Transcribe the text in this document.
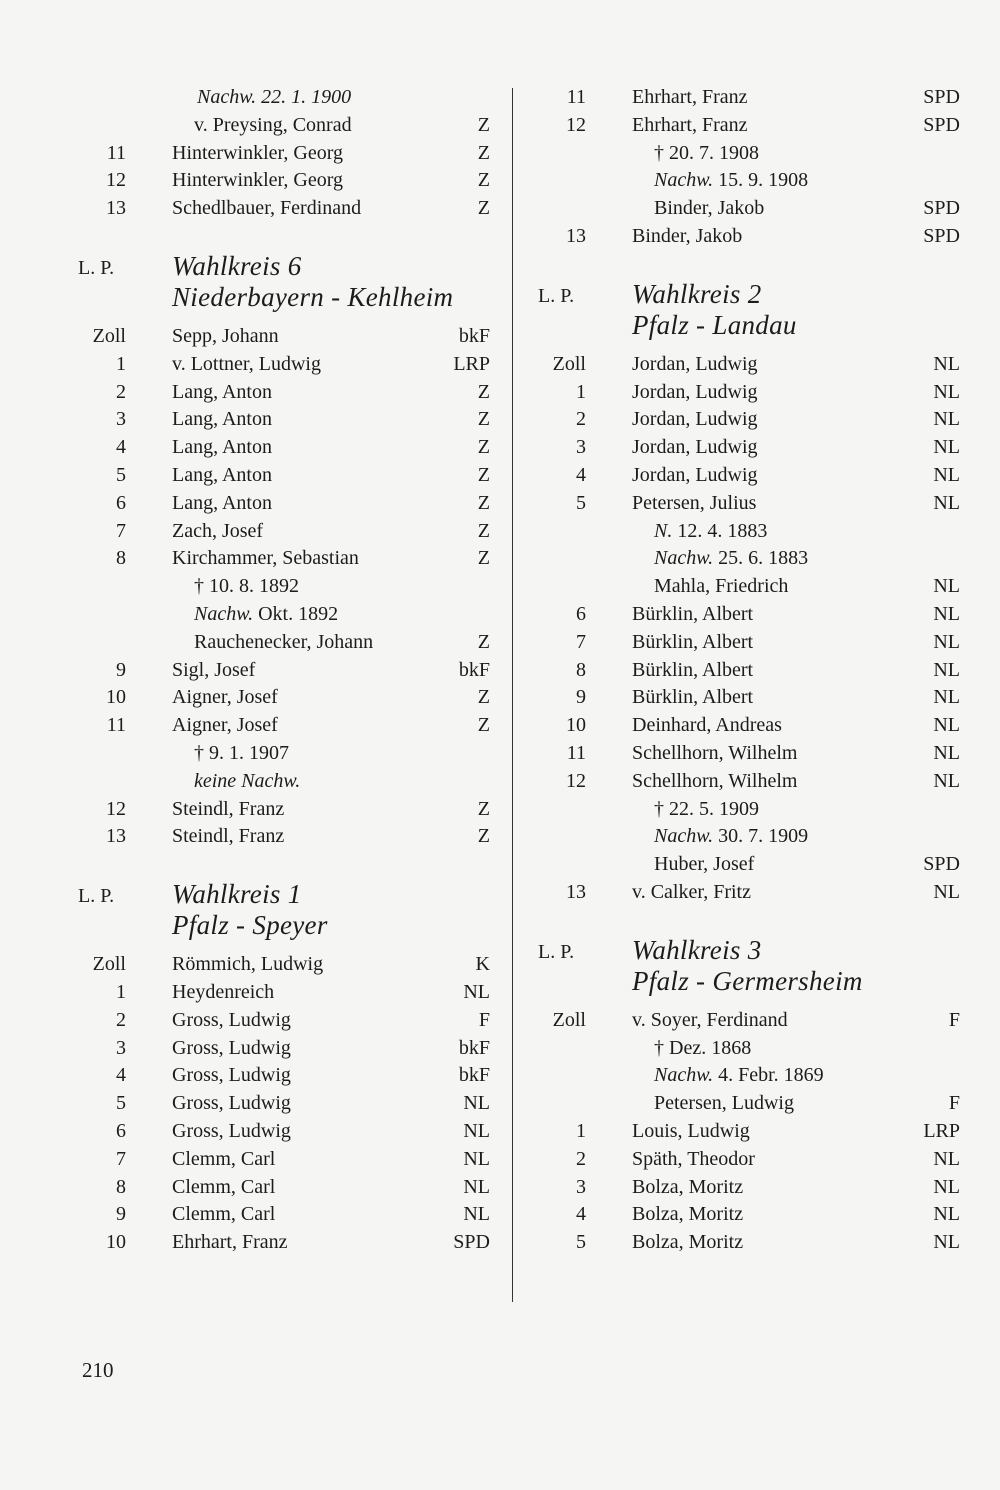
Nachw. 22. 1. 1900
v. Preysing, Conrad	Z
11 Hinterwinkler, Georg	Z
12 Hinterwinkler, Georg	Z
13 Schedlbauer, Ferdinand	Z
L. P. Wahlkreis 6
Niederbayern - Kehlheim
Zoll Sepp, Johann	bkF
1 v. Lottner, Ludwig	LRP
2 Lang, Anton	Z
3 Lang, Anton	Z
4 Lang, Anton	Z
5 Lang, Anton	Z
6 Lang, Anton	Z
7 Zach, Josef	Z
8 Kirchammer, Sebastian	Z
† 10. 8. 1892
Nachw. Okt. 1892
Rauchenecker, Johann	Z
9 Sigl, Josef	bkF
10 Aigner, Josef	Z
11 Aigner, Josef	Z
† 9. 1. 1907
keine Nachw.
12 Steindl, Franz	Z
13 Steindl, Franz	Z
L. P. Wahlkreis 1
Pfalz - Speyer
Zoll Römmich, Ludwig	K
1 Heydenreich	NL
2 Gross, Ludwig	F
3 Gross, Ludwig	bkF
4 Gross, Ludwig	bkF
5 Gross, Ludwig	NL
6 Gross, Ludwig	NL
7 Clemm, Carl	NL
8 Clemm, Carl	NL
9 Clemm, Carl	NL
10 Ehrhart, Franz	SPD
11 Ehrhart, Franz	SPD
12 Ehrhart, Franz	SPD
† 20. 7. 1908
Nachw. 15. 9. 1908
Binder, Jakob	SPD
13 Binder, Jakob	SPD
L. P. Wahlkreis 2
Pfalz - Landau
Zoll Jordan, Ludwig	NL
1 Jordan, Ludwig	NL
2 Jordan, Ludwig	NL
3 Jordan, Ludwig	NL
4 Jordan, Ludwig	NL
5 Petersen, Julius	NL
N. 12. 4. 1883
Nachw. 25. 6. 1883
Mahla, Friedrich	NL
6 Bürklin, Albert	NL
7 Bürklin, Albert	NL
8 Bürklin, Albert	NL
9 Bürklin, Albert	NL
10 Deinhard, Andreas	NL
11 Schellhorn, Wilhelm	NL
12 Schellhorn, Wilhelm	NL
† 22. 5. 1909
Nachw. 30. 7. 1909
Huber, Josef	SPD
13 v. Calker, Fritz	NL
L. P. Wahlkreis 3
Pfalz - Germersheim
Zoll v. Soyer, Ferdinand	F
† Dez. 1868
Nachw. 4. Febr. 1869
Petersen, Ludwig	F
1 Louis, Ludwig	LRP
2 Späth, Theodor	NL
3 Bolza, Moritz	NL
4 Bolza, Moritz	NL
5 Bolza, Moritz	NL
210
